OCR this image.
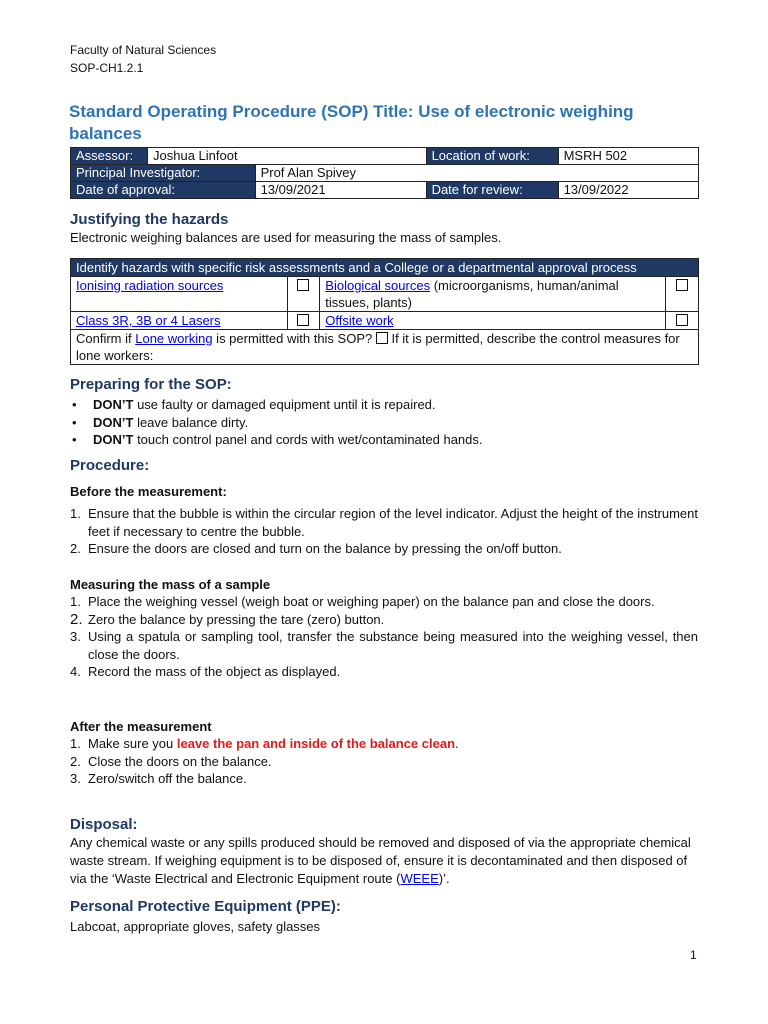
Faculty of Natural Sciences
SOP-CH1.2.1
Standard Operating Procedure (SOP) Title: Use of electronic weighing balances
Assessor:	Joshua Linfoot		Location of work:	MSRH 502
Principal Investigator:		Prof Alan Spivey		
Date of approval:		13/09/2021	Date for review:	13/09/2022
Justifying the hazards

Electronic weighing balances are used for measuring the mass of samples.

Identify hazards with specific risk assessments and a College or a departmental approval process			
Ionising radiation sources		Biological sources (microorganisms, human/animal tissues, plants)	
Class 3R, 3B or 4 Lasers		Offsite work	
Confirm if Lone working is permitted with this SOP?  If it is permitted, describe the control measures for lone workers:			
Preparing for the SOP:
• DON’T use faulty or damaged equipment until it is repaired.
• DON’T leave balance dirty.
• DON’T touch control panel and cords with wet/contaminated hands.
Procedure:

Before the measurement:

1. Ensure that the bubble is within the circular region of the level indicator. Adjust the height of the instrument feet if necessary to centre the bubble.
2. Ensure the doors are closed and turn on the balance by pressing the on/off button.

Measuring the mass of a sample

1. Place the weighing vessel (weigh boat or weighing paper) on the balance pan and close the doors.
2. Zero the balance by pressing the tare (zero) button.
3. Using a spatula or sampling tool, transfer the substance being measured into the weighing vessel, then close the doors.
4. Record the mass of the object as displayed.

After the measurement

1. Make sure you leave the pan and inside of the balance clean.
2. Close the doors on the balance.
3. Zero/switch off the balance.
Disposal:

Any chemical waste or any spills produced should be removed and disposed of via the appropriate chemical waste stream. If weighing equipment is to be disposed of, ensure it is decontaminated and then disposed of via the ‘Waste Electrical and Electronic Equipment route (WEEE)’.

Personal Protective Equipment (PPE):

Labcoat, appropriate gloves, safety glasses

1
